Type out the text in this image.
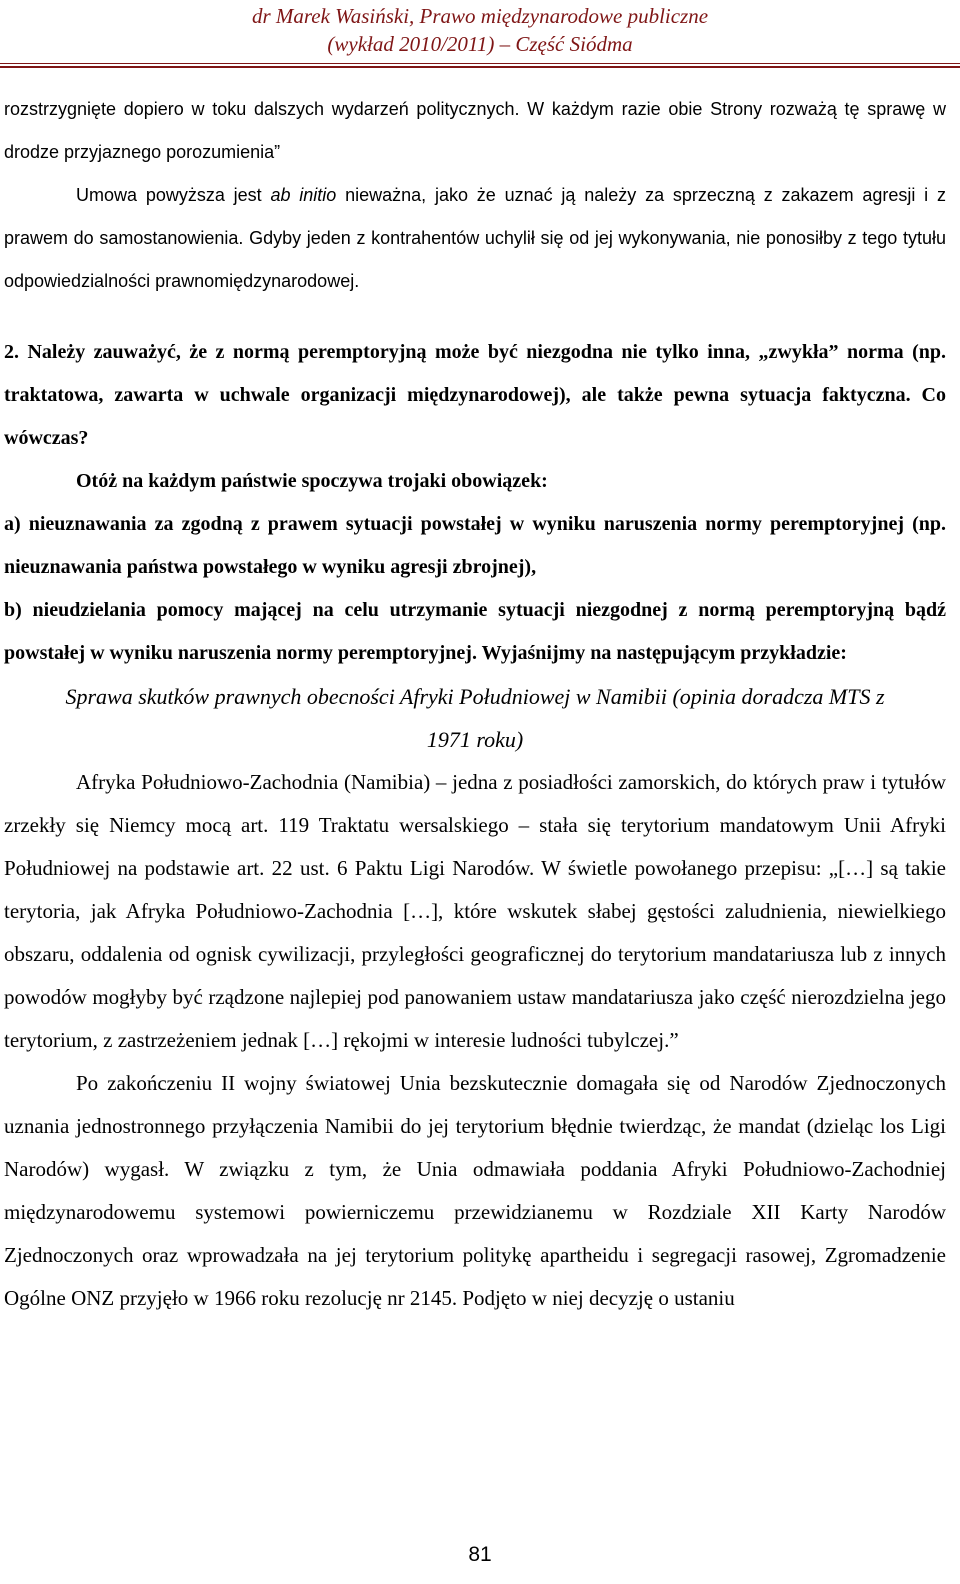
dr Marek Wasiński, Prawo międzynarodowe publiczne
(wykład 2010/2011) – Część Siódma

rozstrzygnięte dopiero w toku dalszych wydarzeń politycznych. W każdym razie obie Strony rozważą tę sprawę w drodze przyjaznego porozumienia”

Umowa powyższa jest ab initio nieważna, jako że uznać ją należy za sprzeczną z zakazem agresji i z prawem do samostanowienia. Gdyby jeden z kontrahentów uchylił się od jej wykonywania, nie ponosiłby z tego tytułu odpowiedzialności prawnomiędzynarodowej.

2. Należy zauważyć, że z normą peremptoryjną może być niezgodna nie tylko inna, „zwykła” norma (np. traktatowa, zawarta w uchwale organizacji międzynarodowej), ale także pewna sytuacja faktyczna. Co wówczas?

Otóż na każdym państwie spoczywa trojaki obowiązek:

a) nieuznawania za zgodną z prawem sytuacji powstałej w wyniku naruszenia normy peremptoryjnej (np. nieuznawania państwa powstałego w wyniku agresji zbrojnej),

b) nieudzielania pomocy mającej na celu utrzymanie sytuacji niezgodnej z normą peremptoryjną bądź powstałej w wyniku naruszenia normy peremptoryjnej. Wyjaśnijmy na następującym przykładzie:

Sprawa skutków prawnych obecności Afryki Południowej w Namibii (opinia doradcza MTS z
1971 roku)

Afryka Południowo-Zachodnia (Namibia) – jedna z posiadłości zamorskich, do których praw i tytułów zrzekły się Niemcy mocą art. 119 Traktatu wersalskiego – stała się terytorium mandatowym Unii Afryki Południowej na podstawie art. 22 ust. 6 Paktu Ligi Narodów. W świetle powołanego przepisu: „[…] są takie terytoria, jak Afryka Południowo-Zachodnia […], które wskutek słabej gęstości zaludnienia, niewielkiego obszaru, oddalenia od ognisk cywilizacji, przyległości geograficznej do terytorium mandatariusza lub z innych powodów mogłyby być rządzone najlepiej pod panowaniem ustaw mandatariusza jako część nierozdzielna jego terytorium, z zastrzeżeniem jednak […] rękojmi w interesie ludności tubylczej.”

Po zakończeniu II wojny światowej Unia bezskutecznie domagała się od Narodów Zjednoczonych uznania jednostronnego przyłączenia Namibii do jej terytorium błędnie twierdząc, że mandat (dzieląc los Ligi Narodów) wygasł. W związku z tym, że Unia odmawiała poddania Afryki Południowo-Zachodniej międzynarodowemu systemowi powierniczemu przewidzianemu w Rozdziale XII Karty Narodów Zjednoczonych oraz wprowadzała na jej terytorium politykę apartheidu i segregacji rasowej, Zgromadzenie Ogólne ONZ przyjęło w 1966 roku rezolucję nr 2145. Podjęto w niej decyzję o ustaniu

81
